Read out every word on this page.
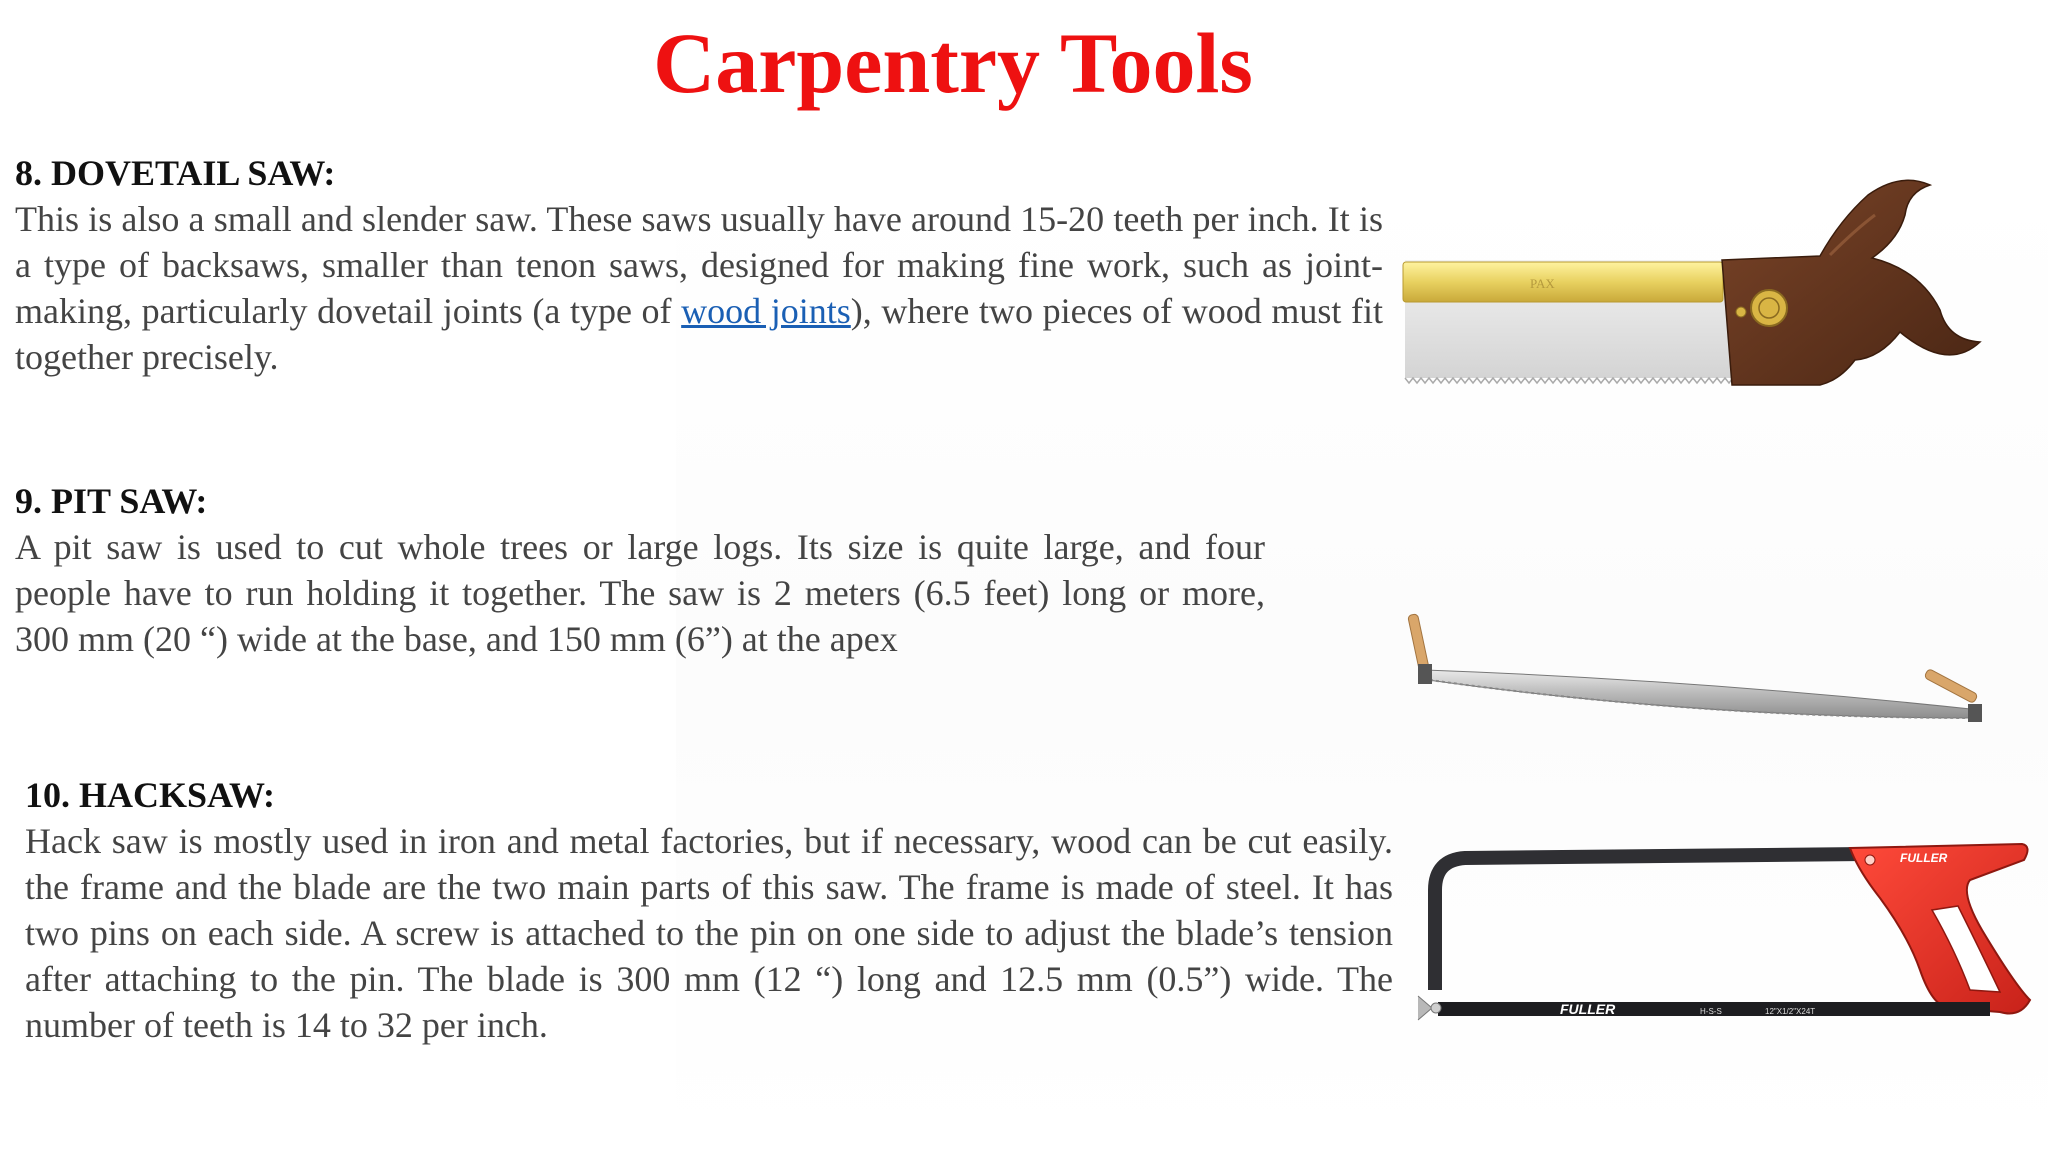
Carpentry Tools
8. DOVETAIL SAW:

This is also a small and slender saw. These saws usually have around 15-20 teeth per inch. It is a type of backsaws, smaller than tenon saws, designed for making fine work, such as joint-making, particularly dovetail joints (a type of wood joints), where two pieces of wood must fit together precisely.

9. PIT SAW:

A pit saw is used to cut whole trees or large logs. Its size is quite large, and four people have to run holding it together. The saw is 2 meters (6.5 feet) long or more, 300 mm (20 “) wide at the base, and 150 mm (6”) at the apex

10. HACKSAW:

Hack saw is mostly used in iron and metal factories, but if necessary, wood can be cut easily. the frame and the blade are the two main parts of this saw. The frame is made of steel. It has two pins on each side. A screw is attached to the pin on one side to adjust the blade’s tension after attaching to the pin. The blade is 300 mm (12 “) long and 12.5 mm (0.5”) wide. The number of teeth is 14 to 32 per inch.

PAX
FULLER
FULLER	H-S-S	12"X1/2"X24T
